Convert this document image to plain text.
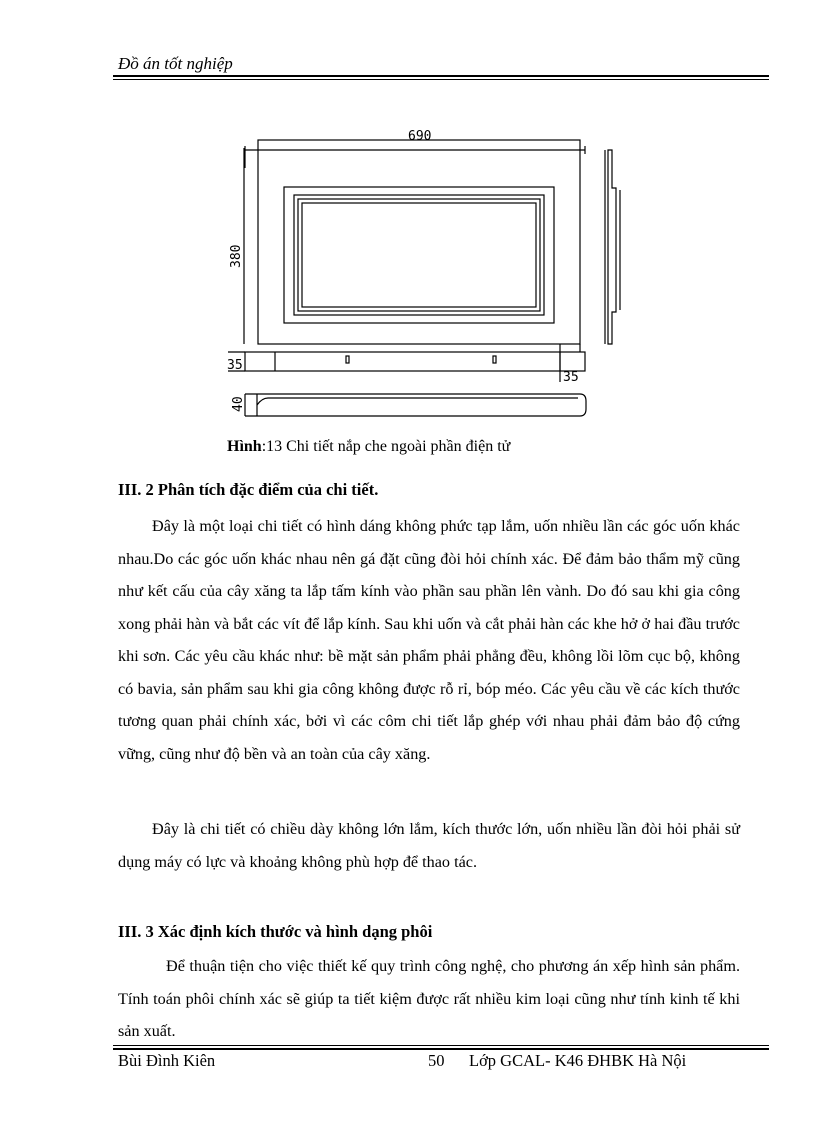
Đồ án tốt nghiệp
690
380
35
35
40
Hình:13 Chi tiết nắp che ngoài phần điện tử
III. 2 Phân tích đặc điểm của chi tiết.

Đây là một loại chi tiết có hình dáng không phức tạp lắm, uốn nhiều lần các góc uốn khác nhau.Do các góc uốn khác nhau nên gá đặt cũng đòi hỏi chính xác. Để đảm bảo thẩm mỹ cũng như kết cấu của cây xăng ta lắp tấm kính vào phần sau phần lên vành. Do đó sau khi gia công xong phải hàn và bắt các vít để lắp kính. Sau khi uốn và cắt phải hàn các khe hở ở hai đầu trước khi sơn. Các yêu cầu khác như: bề mặt sản phẩm phải phẳng đều, không lồi lõm cục bộ, không có bavia, sản phẩm sau khi gia công không được rỗ rỉ, bóp méo. Các yêu cầu về các kích thước tương quan phải chính xác, bởi vì các côm chi tiết lắp ghép với nhau phải đảm bảo độ cứng vững, cũng như độ bền và an toàn của cây xăng.

Đây là chi tiết có chiều dày không lớn lắm, kích thước lớn, uốn nhiều lần đòi hỏi phải sử dụng máy có lực và khoảng không phù hợp để thao tác.

III. 3 Xác định kích thước và hình dạng phôi

Để thuận tiện cho việc thiết kế quy trình công nghệ, cho phương án xếp hình sản phẩm. Tính toán phôi chính xác sẽ giúp ta tiết kiệm được rất nhiều kim loại cũng như tính kinh tế khi sản xuất.

Bùi Đình Kiên	50 Lớp GCAL- K46 ĐHBK Hà Nội
